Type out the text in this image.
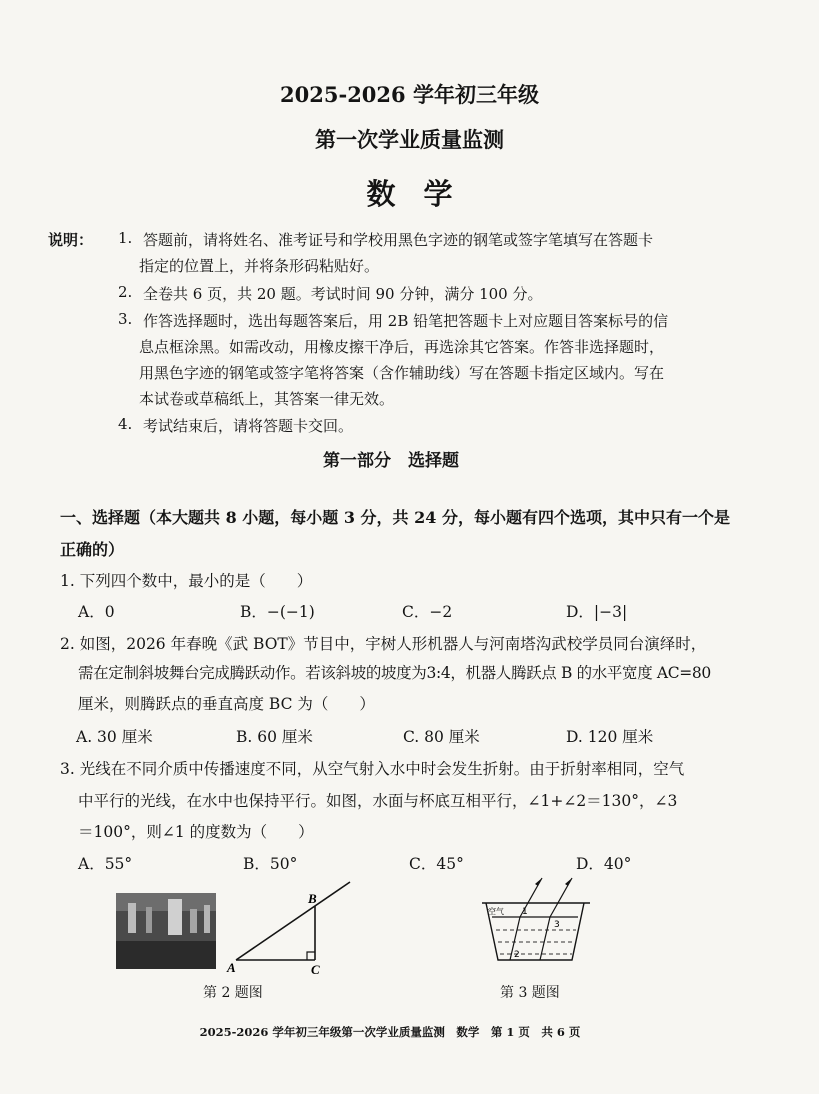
2025-2026 学年初三年级
第一次学业质量监测
数学
说明： 1. 答题前，请将姓名、准考证号和学校用黑色字迹的钢笔或签字笔填写在答题卡
指定的位置上，并将条形码粘贴好。
2. 全卷共 6 页，共 20 题。考试时间 90 分钟，满分 100 分。
3. 作答选择题时，选出每题答案后，用 2B 铅笔把答题卡上对应题目答案标号的信
息点框涂黑。如需改动，用橡皮擦干净后，再选涂其它答案。作答非选择题时，
用黑色字迹的钢笔或签字笔将答案（含作辅助线）写在答题卡指定区域内。写在
本试卷或草稿纸上，其答案一律无效。
4. 考试结束后，请将答题卡交回。
第一部分　选择题
一、选择题（本大题共 8 小题，每小题 3 分，共 24 分，每小题有四个选项，其中只有一个是
正确的）
1. 下列四个数中，最小的是（　　）
A．0	B．−(−1)	C．−2	D．|−3|
2. 如图，2026 年春晚《武 BOT》节目中，宇树人形机器人与河南塔沟武校学员同台演绎时，
需在定制斜坡舞台完成腾跃动作。若该斜坡的坡度为3:4，机器人腾跃点 B 的水平宽度 AC=80
厘米，则腾跃点的垂直高度 BC 为（　　）
A. 30 厘米	B. 60 厘米	C. 80 厘米	D. 120 厘米
3. 光线在不同介质中传播速度不同，从空气射入水中时会发生折射。由于折射率相同，空气
中平行的光线，在水中也保持平行。如图，水面与杯底互相平行，∠1+∠2＝130°，∠3
＝100°，则∠1 的度数为（　　）
A．55°	B．50°	C．45°	D．40°
A
B
C
空气 1
2
3
第 2 题图	第 3 题图
2025-2026 学年初三年级第一次学业质量监测　数学　第 1 页　共 6 页
